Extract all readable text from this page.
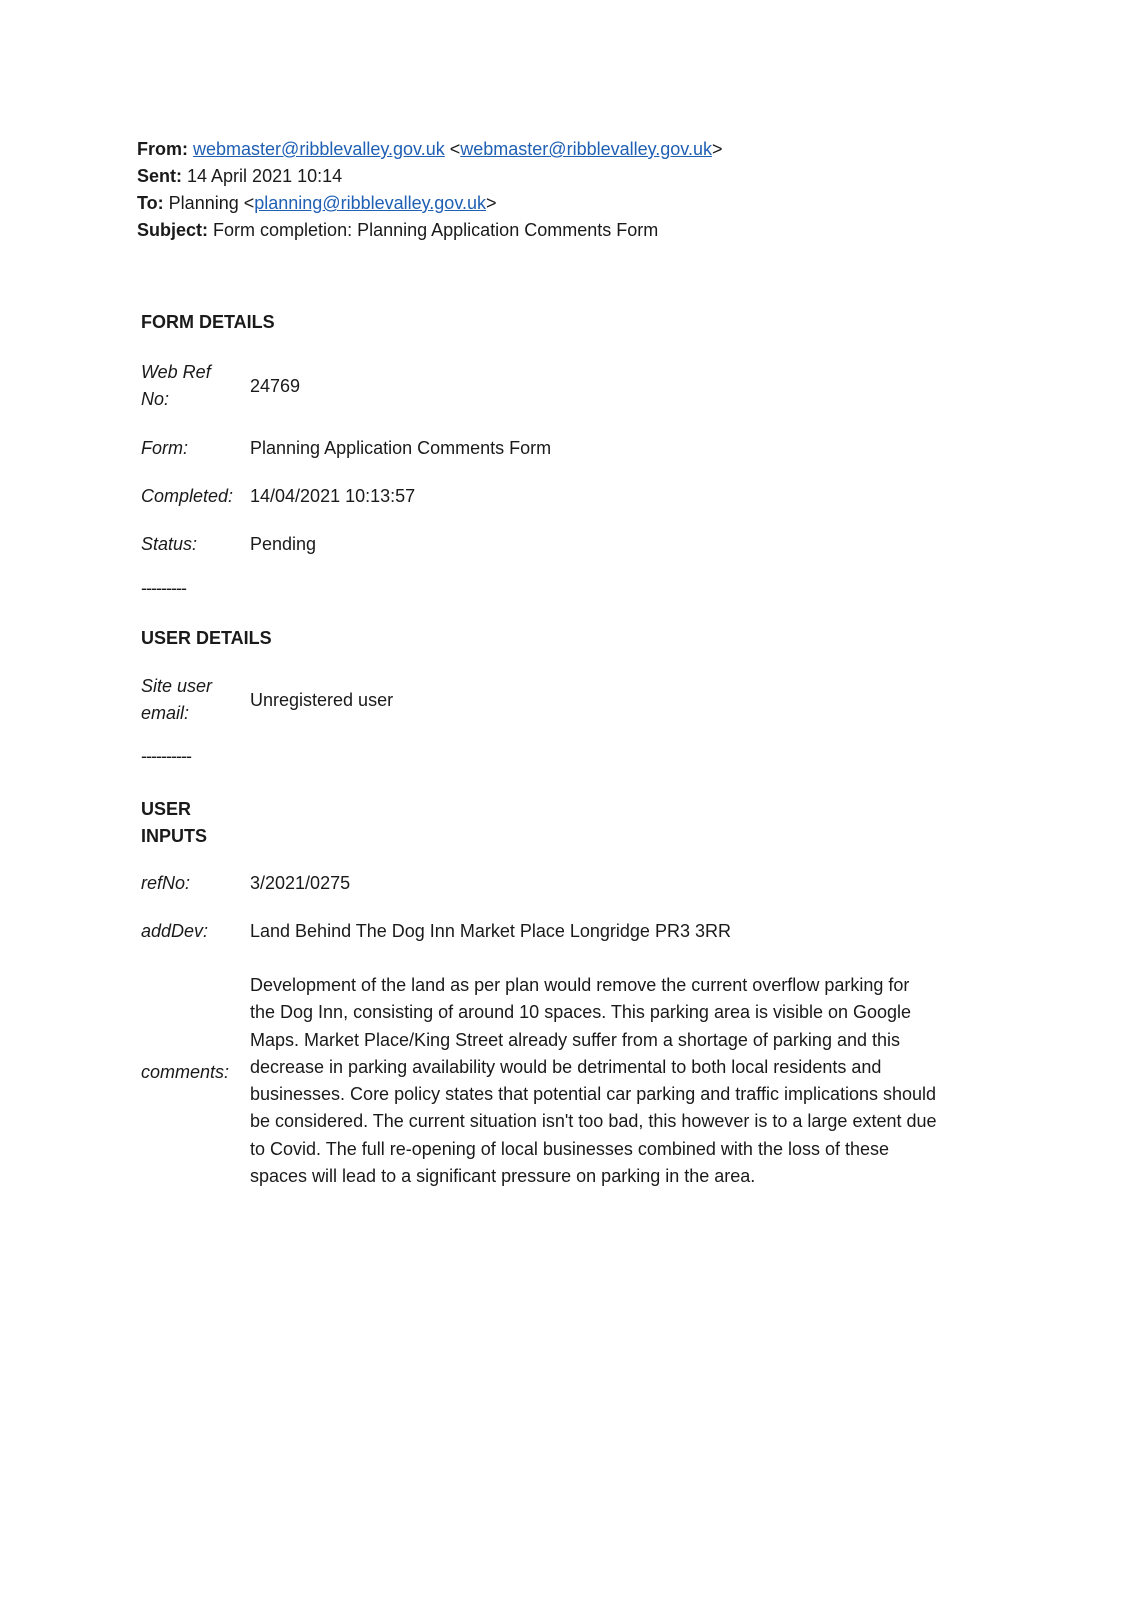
From: webmaster@ribblevalley.gov.uk <webmaster@ribblevalley.gov.uk>
Sent: 14 April 2021 10:14
To: Planning <planning@ribblevalley.gov.uk>
Subject: Form completion: Planning Application Comments Form
FORM DETAILS
Web Ref
No:
24769
Form:	Planning Application Comments Form
Completed: 14/04/2021 10:13:57
Status:	Pending
---------
USER DETAILS
Site user
email:
Unregistered user
----------
USER
INPUTS
refNo:	3/2021/0275
addDev: Land Behind The Dog Inn Market Place Longridge PR3 3RR
comments:
Development of the land as per plan would remove the current overflow parking for
the Dog Inn, consisting of around 10 spaces. This parking area is visible on Google
Maps. Market Place/King Street already suffer from a shortage of parking and this
decrease in parking availability would be detrimental to both local residents and
businesses. Core policy states that potential car parking and traffic implications should
be considered. The current situation isn't too bad, this however is to a large extent due
to Covid. The full re-opening of local businesses combined with the loss of these
spaces will lead to a significant pressure on parking in the area.
